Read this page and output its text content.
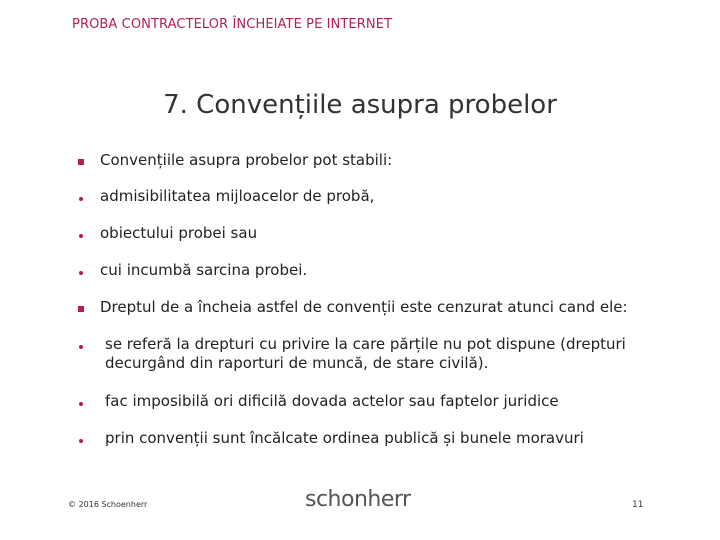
PROBA CONTRACTELOR ÎNCHEIATE PE INTERNET
7. Convențiile asupra probelor
Convențiile asupra probelor pot stabili:
admisibilitatea mijloacelor de probă,
obiectului probei sau
cui incumbă sarcina probei.
Dreptul de a încheia astfel de convenții este cenzurat atunci cand ele:
se referă la drepturi cu privire la care părțile nu pot dispune (drepturi decurgând din raporturi de muncă, de stare civilă).
fac imposibilă ori dificilă dovada actelor sau faptelor juridice
prin convenții sunt încălcate ordinea publică și bunele moravuri
© 2016 Schoenherr	schonherr	11
